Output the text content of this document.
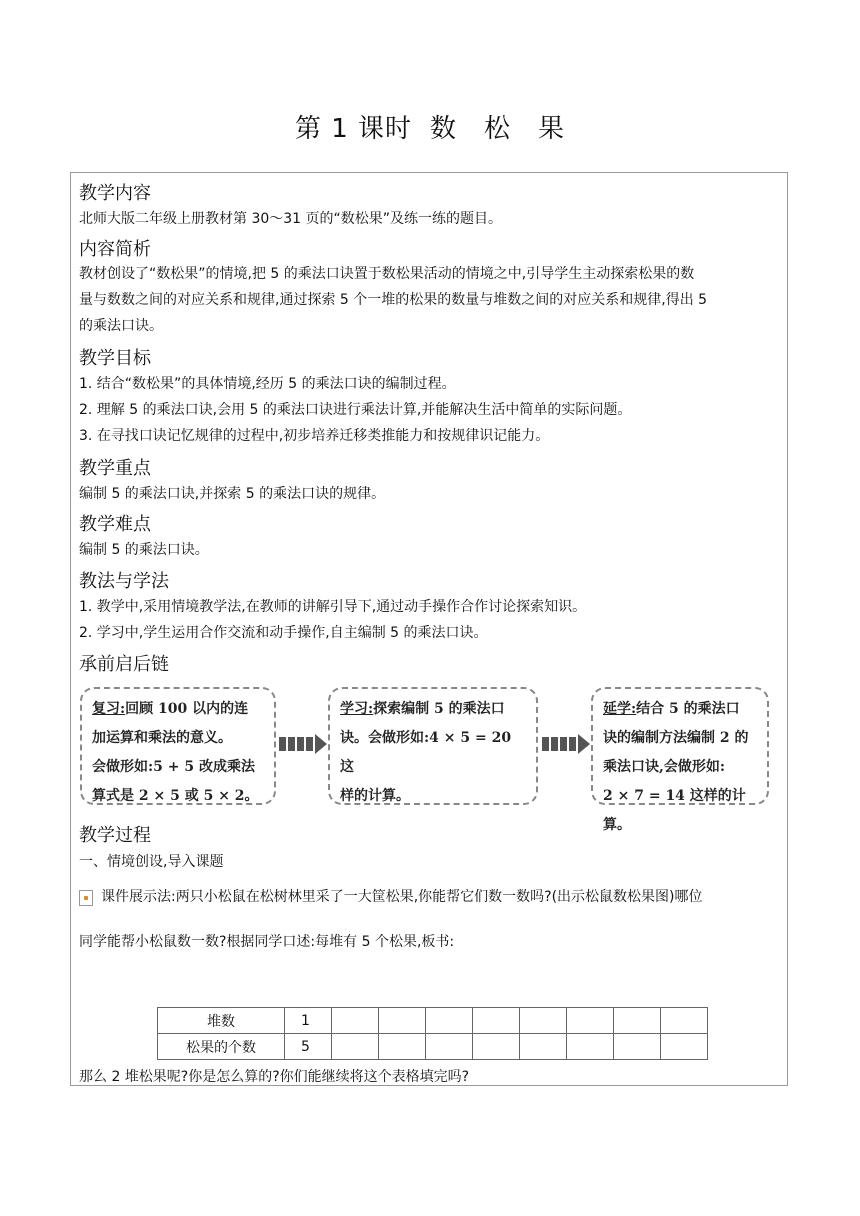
第 1 课时 数　松　果
教学内容
北师大版二年级上册教材第 30～31 页的“数松果”及练一练的题目。
内容简析
教材创设了“数松果”的情境,把 5 的乘法口诀置于数松果活动的情境之中,引导学生主动探索松果的数
量与数数之间的对应关系和规律,通过探索 5 个一堆的松果的数量与堆数之间的对应关系和规律,得出 5
的乘法口诀。
教学目标
1. 结合“数松果”的具体情境,经历 5 的乘法口诀的编制过程。
2. 理解 5 的乘法口诀,会用 5 的乘法口诀进行乘法计算,并能解决生活中简单的实际问题。
3. 在寻找口诀记忆规律的过程中,初步培养迁移类推能力和按规律识记能力。
教学重点
编制 5 的乘法口诀,并探索 5 的乘法口诀的规律。
教学难点
编制 5 的乘法口诀。
教法与学法
1. 教学中,采用情境教学法,在教师的讲解引导下,通过动手操作合作讨论探索知识。
2. 学习中,学生运用合作交流和动手操作,自主编制 5 的乘法口诀。
承前启后链
复习:回顾 100 以内的连
加运算和乘法的意义。
会做形如:5 + 5 改成乘法
算式是 2 × 5 或 5 × 2。
学习:探索编制 5 的乘法口
诀。会做形如:4 × 5 = 20 这
样的计算。
延学:结合 5 的乘法口
诀的编制方法编制 2 的
乘法口诀,会做形如:
2 × 7 = 14 这样的计算。
教学过程
一、情境创设,导入课题
课件展示法:两只小松鼠在松树林里采了一大筐松果,你能帮它们数一数吗?(出示松鼠数松果图)哪位
同学能帮小松鼠数一数?根据同学口述:每堆有 5 个松果,板书:
堆数	1								
松果的个数	5								
那么 2 堆松果呢?你是怎么算的?你们能继续将这个表格填完吗?
